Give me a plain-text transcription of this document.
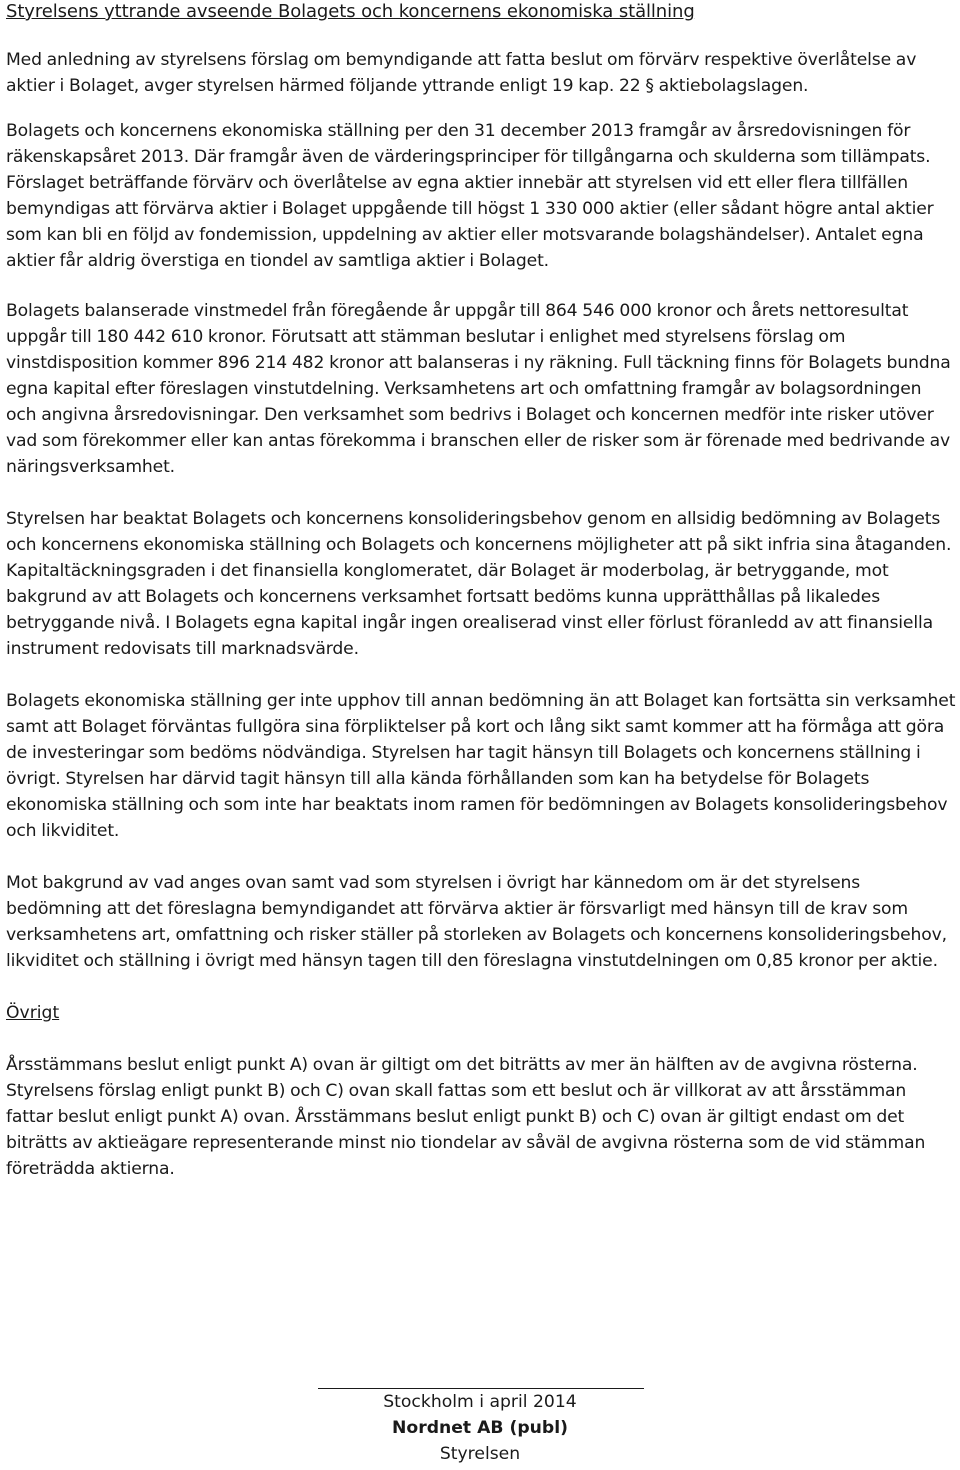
Styrelsens yttrande avseende Bolagets och koncernens ekonomiska ställning

Med anledning av styrelsens förslag om bemyndigande att fatta beslut om förvärv respektive överlåtelse av aktier i Bolaget, avger styrelsen härmed följande yttrande enligt 19 kap. 22 § aktiebolagslagen.

Bolagets och koncernens ekonomiska ställning per den 31 december 2013 framgår av årsredovisningen för räkenskapsåret 2013. Där framgår även de värderingsprinciper för tillgångarna och skulderna som tillämpats. Förslaget beträffande förvärv och överlåtelse av egna aktier innebär att styrelsen vid ett eller flera tillfällen bemyndigas att förvärva aktier i Bolaget uppgående till högst 1 330 000 aktier (eller sådant högre antal aktier som kan bli en följd av fondemission, uppdelning av aktier eller motsvarande bolagshändelser). Antalet egna aktier får aldrig överstiga en tiondel av samtliga aktier i Bolaget.

Bolagets balanserade vinstmedel från föregående år uppgår till 864 546 000 kronor och årets nettoresultat uppgår till 180 442 610 kronor. Förutsatt att stämman beslutar i enlighet med styrelsens förslag om vinstdisposition kommer 896 214 482 kronor att balanseras i ny räkning. Full täckning finns för Bolagets bundna egna kapital efter föreslagen vinstutdelning. Verksamhetens art och omfattning framgår av bolagsordningen och angivna årsredovisningar. Den verksamhet som bedrivs i Bolaget och koncernen medför inte risker utöver vad som förekommer eller kan antas förekomma i branschen eller de risker som är förenade med bedrivande av näringsverksamhet.

Styrelsen har beaktat Bolagets och koncernens konsolideringsbehov genom en allsidig bedömning av Bolagets och koncernens ekonomiska ställning och Bolagets och koncernens möjligheter att på sikt infria sina åtaganden. Kapitaltäckningsgraden i det finansiella konglomeratet, där Bolaget är moderbolag, är betryggande, mot bakgrund av att Bolagets och koncernens verksamhet fortsatt bedöms kunna upprätthållas på likaledes betryggande nivå. I Bolagets egna kapital ingår ingen orealiserad vinst eller förlust föranledd av att finansiella instrument redovisats till marknadsvärde.

Bolagets ekonomiska ställning ger inte upphov till annan bedömning än att Bolaget kan fortsätta sin verksamhet samt att Bolaget förväntas fullgöra sina förpliktelser på kort och lång sikt samt kommer att ha förmåga att göra de investeringar som bedöms nödvändiga. Styrelsen har tagit hänsyn till Bolagets och koncernens ställning i övrigt. Styrelsen har därvid tagit hänsyn till alla kända förhållanden som kan ha betydelse för Bolagets ekonomiska ställning och som inte har beaktats inom ramen för bedömningen av Bolagets konsolideringsbehov och likviditet.

Mot bakgrund av vad anges ovan samt vad som styrelsen i övrigt har kännedom om är det styrelsens bedömning att det föreslagna bemyndigandet att förvärva aktier är försvarligt med hänsyn till de krav som verksamhetens art, omfattning och risker ställer på storleken av Bolagets och koncernens konsolideringsbehov, likviditet och ställning i övrigt med hänsyn tagen till den föreslagna vinstutdelningen om 0,85 kronor per aktie.

Övrigt

Årsstämmans beslut enligt punkt A) ovan är giltigt om det biträtts av mer än hälften av de avgivna rösterna. Styrelsens förslag enligt punkt B) och C) ovan skall fattas som ett beslut och är villkorat av att årsstämman fattar beslut enligt punkt A) ovan. Årsstämmans beslut enligt punkt B) och C) ovan är giltigt endast om det biträtts av aktieägare representerande minst nio tiondelar av såväl de avgivna rösterna som de vid stämman företrädda aktierna.

Stockholm i april 2014
Nordnet AB (publ)
Styrelsen
